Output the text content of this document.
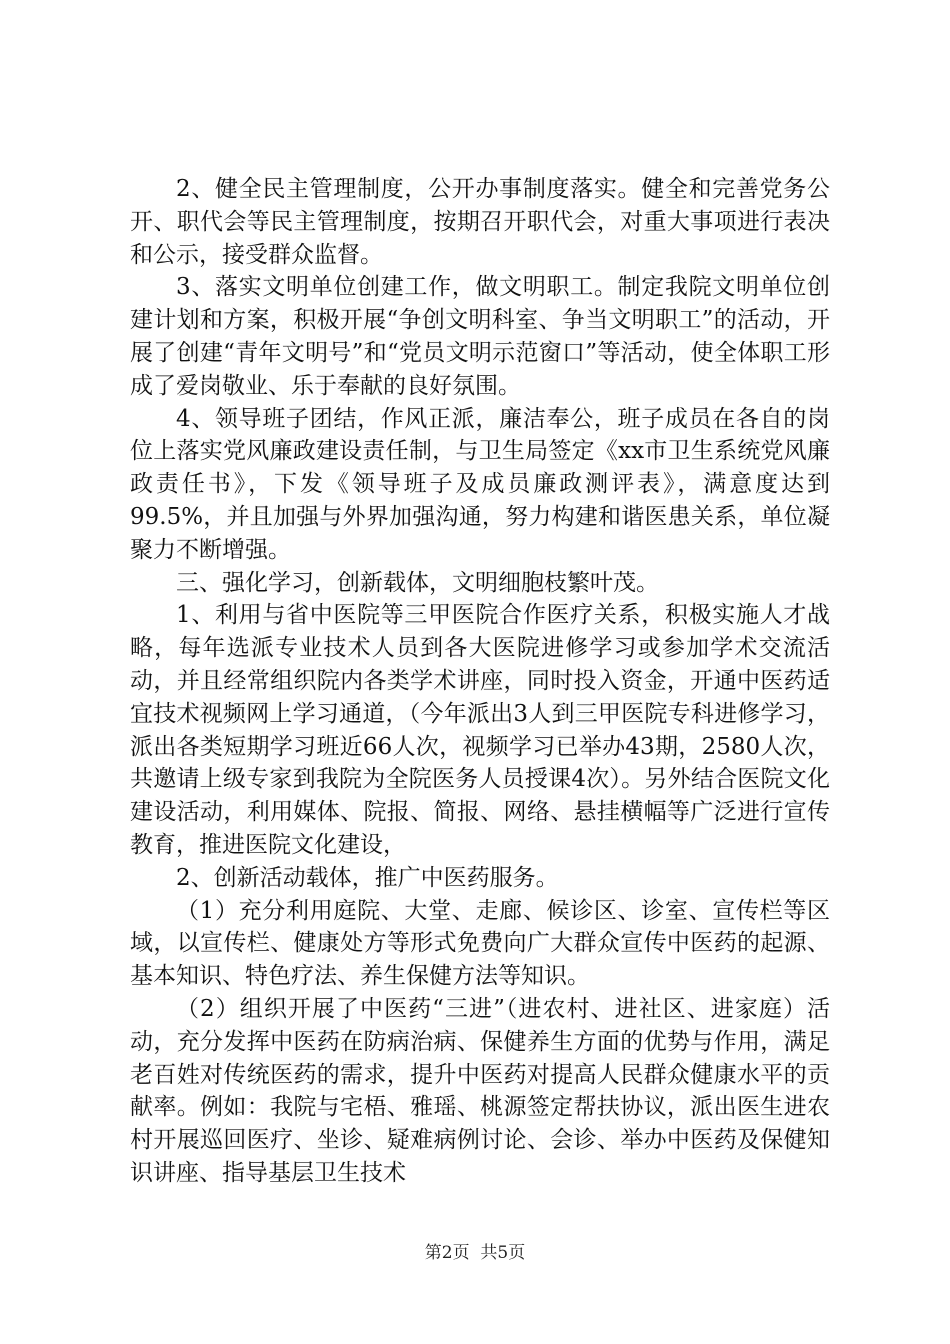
2、健全民主管理制度，公开办事制度落实。健全和完善党务公开、职代会等民主管理制度，按期召开职代会，对重大事项进行表决和公示，接受群众监督。

3、落实文明单位创建工作，做文明职工。制定我院文明单位创建计划和方案，积极开展“争创文明科室、争当文明职工”的活动，开展了创建“青年文明号”和“党员文明示范窗口”等活动，使全体职工形成了爱岗敬业、乐于奉献的良好氛围。

4、领导班子团结，作风正派，廉洁奉公，班子成员在各自的岗位上落实党风廉政建设责任制，与卫生局签定《xx市卫生系统党风廉政责任书》，下发《领导班子及成员廉政测评表》，满意度达到99.5%，并且加强与外界加强沟通，努力构建和谐医患关系，单位凝聚力不断增强。

三、强化学习，创新载体，文明细胞枝繁叶茂。

1、利用与省中医院等三甲医院合作医疗关系，积极实施人才战略，每年选派专业技术人员到各大医院进修学习或参加学术交流活动，并且经常组织院内各类学术讲座，同时投入资金，开通中医药适宜技术视频网上学习通道，（今年派出3人到三甲医院专科进修学习，派出各类短期学习班近66人次，视频学习已举办43期，2580人次，共邀请上级专家到我院为全院医务人员授课4次）。另外结合医院文化建设活动，利用媒体、院报、简报、网络、悬挂横幅等广泛进行宣传教育，推进医院文化建设，

2、创新活动载体，推广中医药服务。

（1）充分利用庭院、大堂、走廊、候诊区、诊室、宣传栏等区域，以宣传栏、健康处方等形式免费向广大群众宣传中医药的起源、基本知识、特色疗法、养生保健方法等知识。

（2）组织开展了中医药“三进”（进农村、进社区、进家庭）活动，充分发挥中医药在防病治病、保健养生方面的优势与作用，满足老百姓对传统医药的需求，提升中医药对提高人民群众健康水平的贡献率。例如：我院与宅梧、雅瑶、桃源签定帮扶协议，派出医生进农村开展巡回医疗、坐诊、疑难病例讨论、会诊、举办中医药及保健知识讲座、指导基层卫生技术

第2页 共5页
